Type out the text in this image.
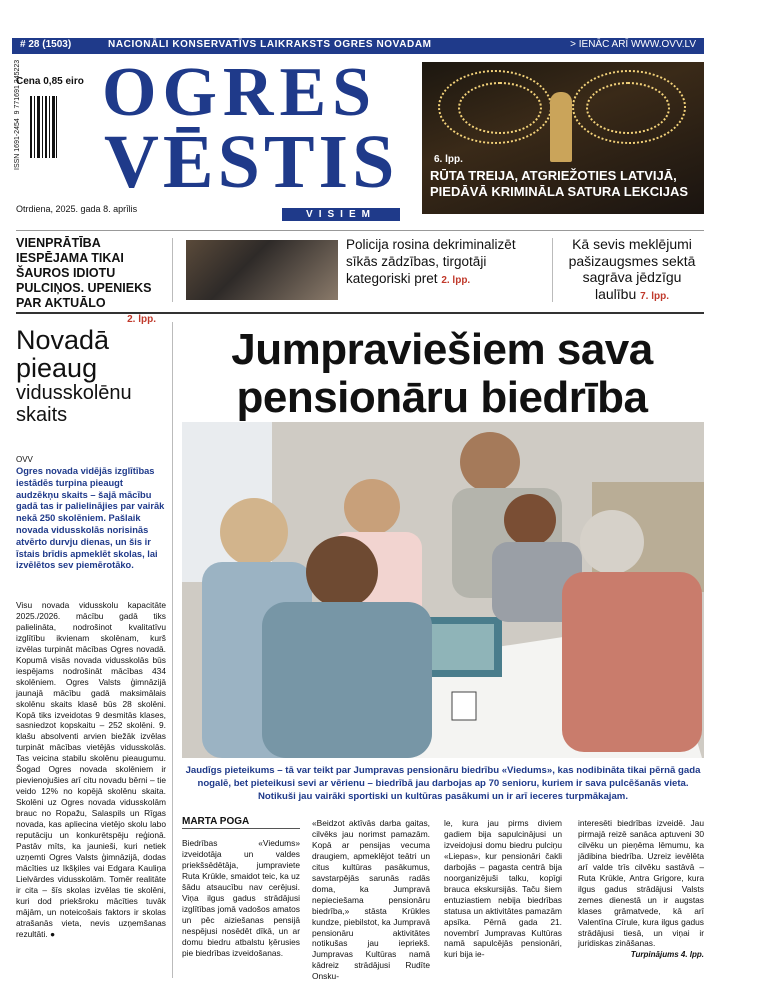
# 28 (1503)	NACIONĀLI KONSERVATĪVS LAIKRAKSTS OGRES NOVADAM	> IENĀC ARĪ WWW.OVV.LV
Cena 0,85 eiro
ISSN 1691-2454  9 771691 245223 OGRES
VĒSTIS
VISIEM
Otrdiena, 2025. gada 8. aprīlis
6. lpp.
RŪTA TREIJA, ATGRIEŽOTIES LATVIJĀ, PIEDĀVĀ KRIMINĀLA SATURA LEKCIJAS
VIENPRĀTĪBA IESPĒJAMA TIKAI ŠAUROS IDIOTU PULCIŅOS. UPENIEKS PAR AKTUĀLO
2. lpp.
Policija rosina dekriminalizēt sīkās zādzības, tirgotāji kategoriski pret 2. lpp.
Kā sevis meklējumi pašizaugsmes sektā sagrāva jēdzīgu laulību 7. lpp.
Novadā pieaug
vidusskolēnu skaits
OVV
Ogres novada vidējās izglītības iestādēs turpina pieaugt audzēkņu skaits – šajā mācību gadā tas ir palielinājies par vairāk nekā 250 skolēniem. Pašlaik novada vidusskolās norisinās atvērto durvju dienas, un šis ir īstais brīdis apmeklēt skolas, lai izvēlētos sev piemērotāko.
Visu novada vidusskolu kapacitāte 2025./2026. mācību gadā tiks palielināta, nodrošinot kvalitatīvu izglītību ikvienam skolēnam, kurš izvēlas turpināt mācības Ogres novadā. Kopumā visās novada vidusskolās būs iespējams nodrošināt mācības 434 skolēniem. Ogres Valsts ģimnāzijā jaunajā mācību gadā maksimālais skolēnu skaits klasē būs 28 skolēni. Kopā tiks izveidotas 9 desmitās klases, sasniedzot kopskaitu – 252 skolēni. 9. klašu absolventi arvien biežāk izvēlas turpināt mācības vietējās vidusskolās. Tas veicina stabilu skolēnu pieaugumu. Šogad Ogres novada skolēniem ir pievienojušies arī citu novadu bērni – tie veido 12% no kopējā skolēnu skaita. Skolēni uz Ogres novada vidusskolām brauc no Ropažu, Salaspils un Rīgas novada, kas apliecina vietējo skolu labo reputāciju un konkurētspēju reģionā. Pastāv mīts, ka jaunieši, kuri netiek uzņemti Ogres Valsts ģimnāzijā, dodas mācīties uz Ikšķiles vai Edgara Kauliņa Lielvārdes vidusskolām. Tomēr realitāte ir cita – šīs skolas izvēlas tie skolēni, kuri dod priekšroku mācīties tuvāk mājām, un noteicošais faktors ir skolas atrašanās vieta, nevis uzņemšanas rezultāti. ●
Jumpraviešiem sava pensionāru biedrība
Jaudīgs pieteikums – tā var teikt par Jumpravas pensionāru biedrību «Viedums», kas nodibināta tikai pērnā gada nogalē, bet pieteikusi sevi ar vērienu – biedrībā jau darbojas ap 70 senioru, kuriem ir sava pulcēšanās vieta. Notikuši jau vairāki sportiski un kultūras pasākumi un ir arī ieceres turpmākajam.
MARTA POGA
Biedrības «Viedums» izveidotāja un valdes priekšsēdētāja, jumpraviete Ruta Krūkle, smaidot teic, ka uz šādu atsaucību nav cerējusi. Viņa ilgus gadus strādājusi izglītības jomā vadošos amatos un pēc aiziešanas pensijā nespējusi nosēdēt dīkā, un ar domu biedru atbalstu ķērusies pie biedrības izveidošanas.
«Beidzot aktīvās darba gaitas, cilvēks jau norimst pamazām. Kopā ar pensijas vecuma draugiem, apmeklējot teātri un citus kultūras pasākumus, savstarpējās sarunās radās doma, ka Jumpravā nepieciešama pensionāru biedrība,» stāsta Krūkles kundze, piebilstot, ka Jumpravā pensionāru aktivitātes notikušas jau iepriekš. Jumpravas Kultūras namā kādreiz strādājusi Rudīte Onsku-
le, kura jau pirms diviem gadiem bija sapulcinājusi un izveidojusi domu biedru pulciņu «Liepas», kur pensionāri čakli darbojās – pagasta centrā bija noorganizējuši talku, kopīgi brauca ekskursijās. Taču šiem entuziastiem nebija biedrības statusa un aktivitātes pamazām apsīka. Pērnā gada 21. novembrī Jumpravas Kultūras namā sapulcējās pensionāri, kuri bija ie-
interesēti biedrības izveidē. Jau pirmajā reizē sanāca aptuveni 30 cilvēku un pieņēma lēmumu, ka jādibina biedrība. Uzreiz ievēlēta arī valde trīs cilvēku sastāvā – Ruta Krūkle, Antra Grigore, kura ilgus gadus strādājusi Valsts zemes dienestā un ir augstas klases grāmatvede, kā arī Valentīna Cīrule, kura ilgus gadus strādājusi tiesā, un viņai ir juridiskas zināšanas.
Turpinājums 4. lpp.
